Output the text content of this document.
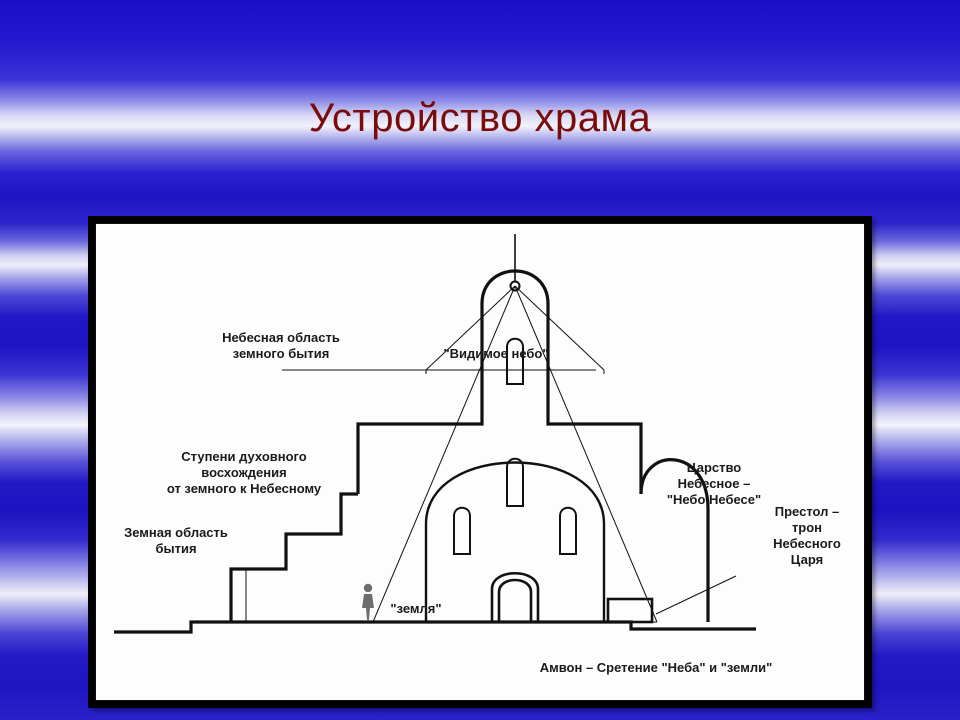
Устройство храма
Небесная область
земного бытия	"Видимое небо"
Ступени духовного
восхождения
от земного к Небесному
Земная область
бытия
Царство
Небесное –
"Небо Небесе"
Престол –
трон
Небесного
Царя
"земля"
Амвон – Сретение "Неба" и "земли"
